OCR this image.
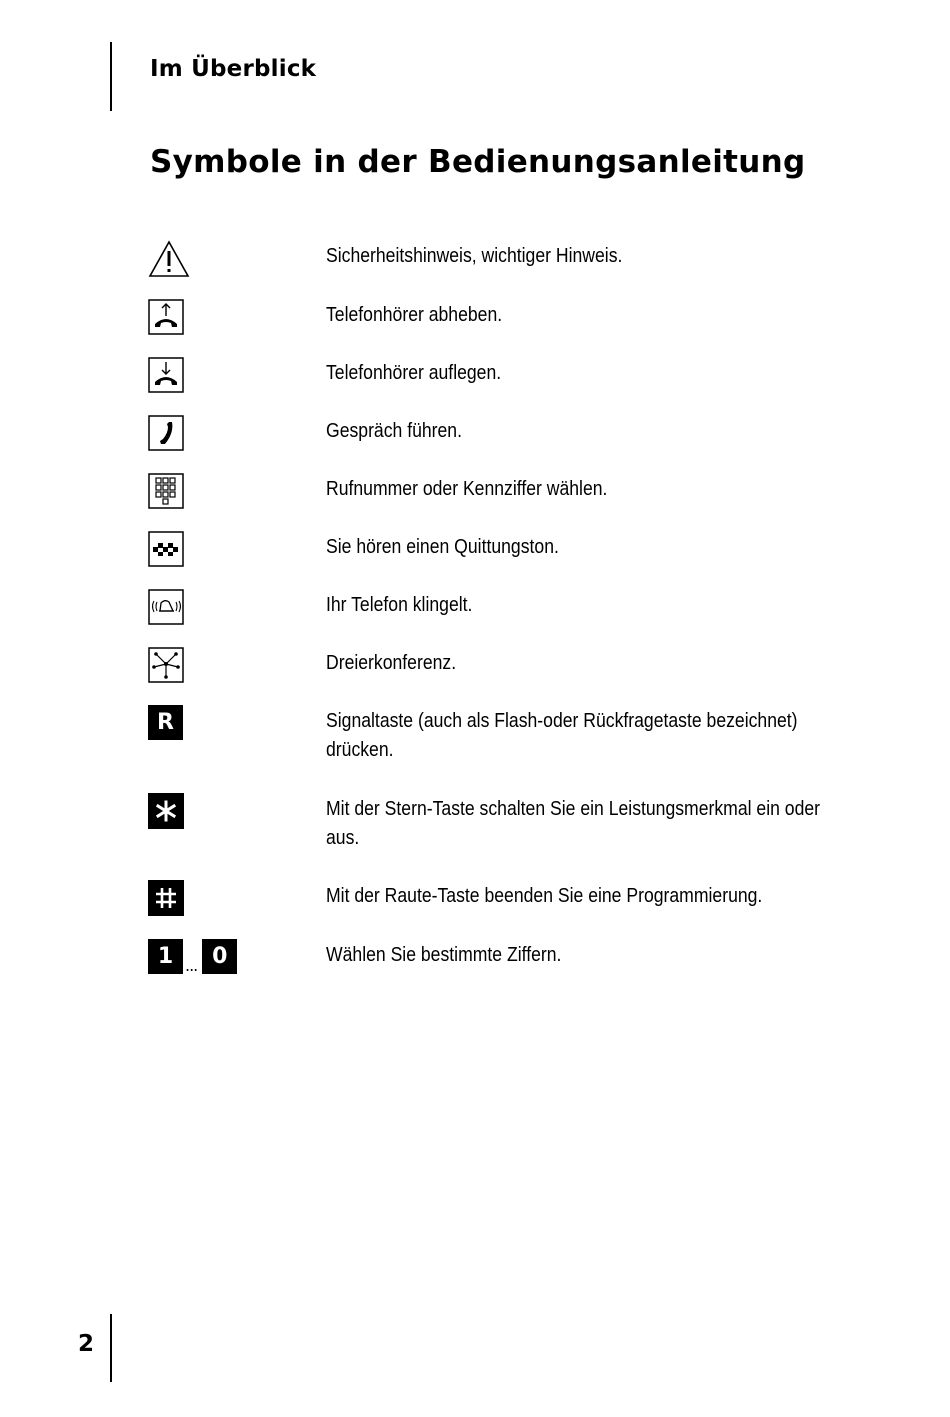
Im Überblick
Symbole in der Bedienungsanleitung
Sicherheitshinweis, wichtiger Hinweis.
Telefonhörer abheben.
Telefonhörer auflegen.
Gespräch führen.
Rufnummer oder Kennziffer wählen.
Sie hören einen Quittungston.
Ihr Telefon klingelt.
Dreierkonferenz.
R	Signaltaste (auch als Flash-oder Rückfragetaste bezeichnet) drücken.
Mit der Stern-Taste schalten Sie ein Leistungsmerkmal ein oder aus.
Mit der Raute-Taste beenden Sie eine Programmierung.
1 ... 0	Wählen Sie bestimmte Ziffern.
2
